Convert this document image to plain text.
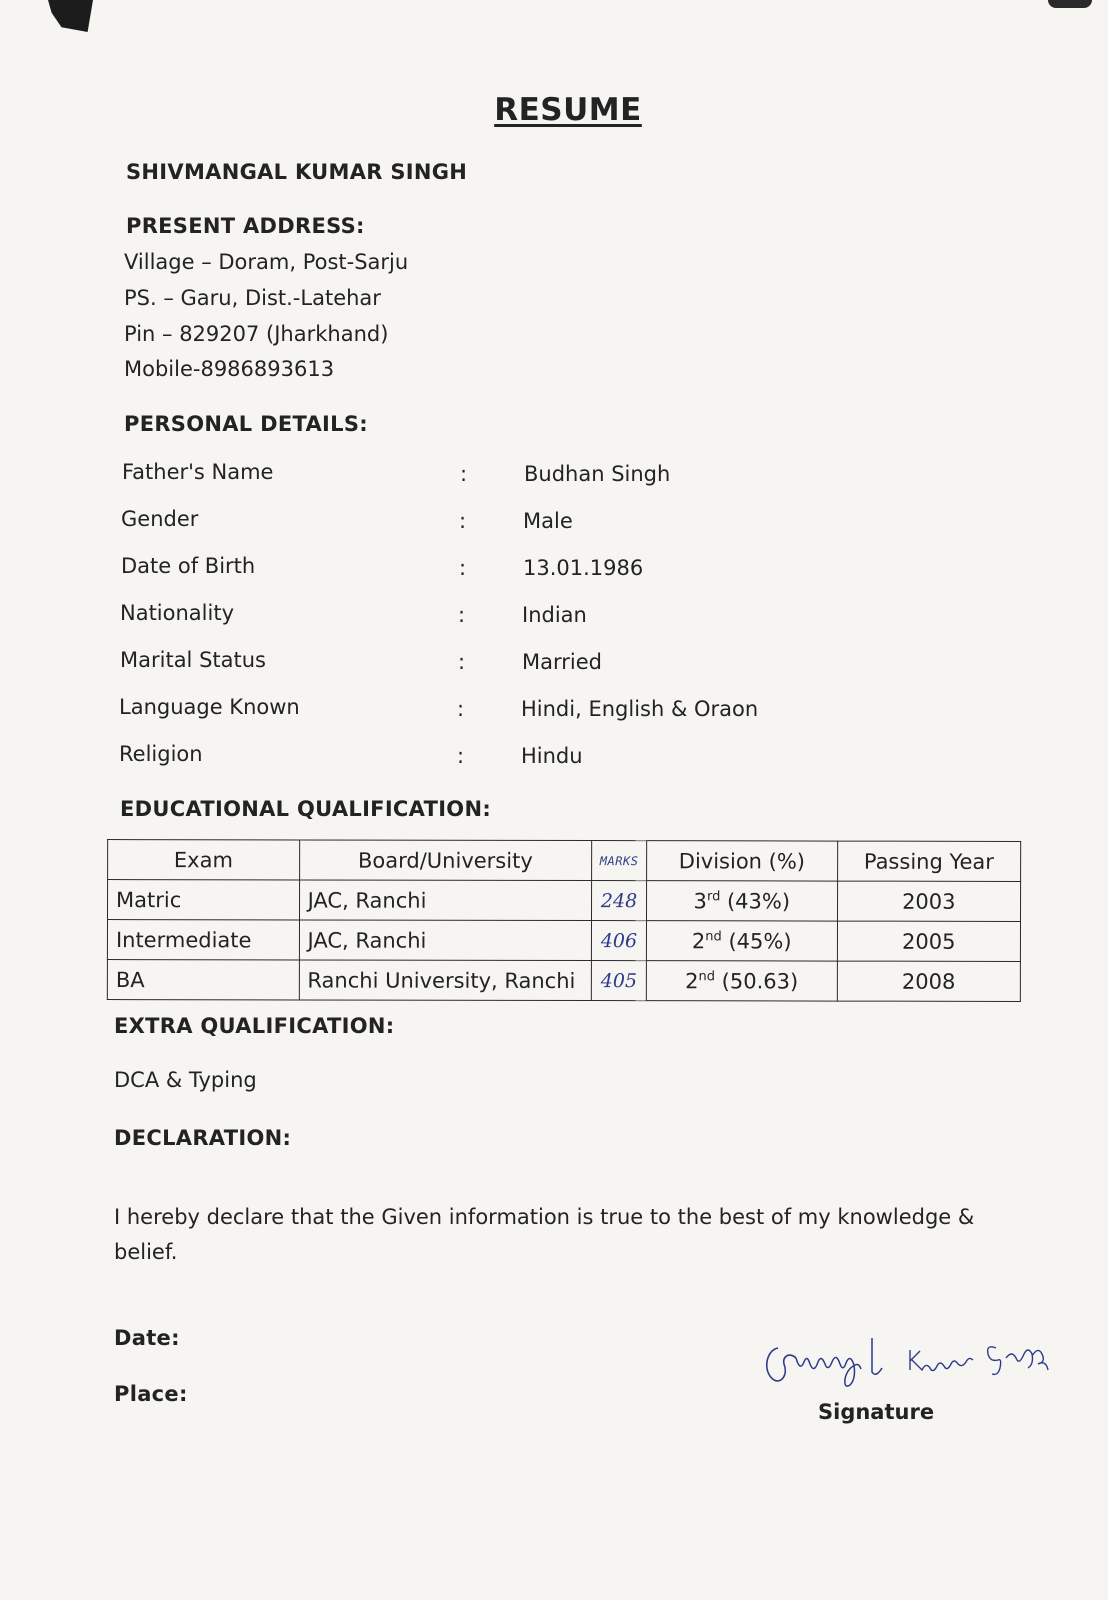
RESUME
SHIVMANGAL KUMAR SINGH
PRESENT ADDRESS:
Village – Doram, Post-Sarju
PS. – Garu, Dist.-Latehar
Pin – 829207 (Jharkhand)
Mobile-8986893613
PERSONAL DETAILS:
Father's Name	:	Budhan Singh
Gender	:	Male
Date of Birth	:	13.01.1986
Nationality	:	Indian
Marital Status	:	Married
Language Known	:	Hindi, English & Oraon
Religion	:	Hindu
EDUCATIONAL QUALIFICATION:
Exam	Board/University	MARKS	Division (%)	Passing Year
Matric	JAC, Ranchi	248	3rd (43%)	2003
Intermediate	JAC, Ranchi	406	2nd (45%)	2005
BA	Ranchi University, Ranchi	405	2nd (50.63)	2008
EXTRA QUALIFICATION:
DCA & Typing
DECLARATION:
I hereby declare that the Given information is true to the best of my knowledge & belief.
Date:
Place:
Signature
